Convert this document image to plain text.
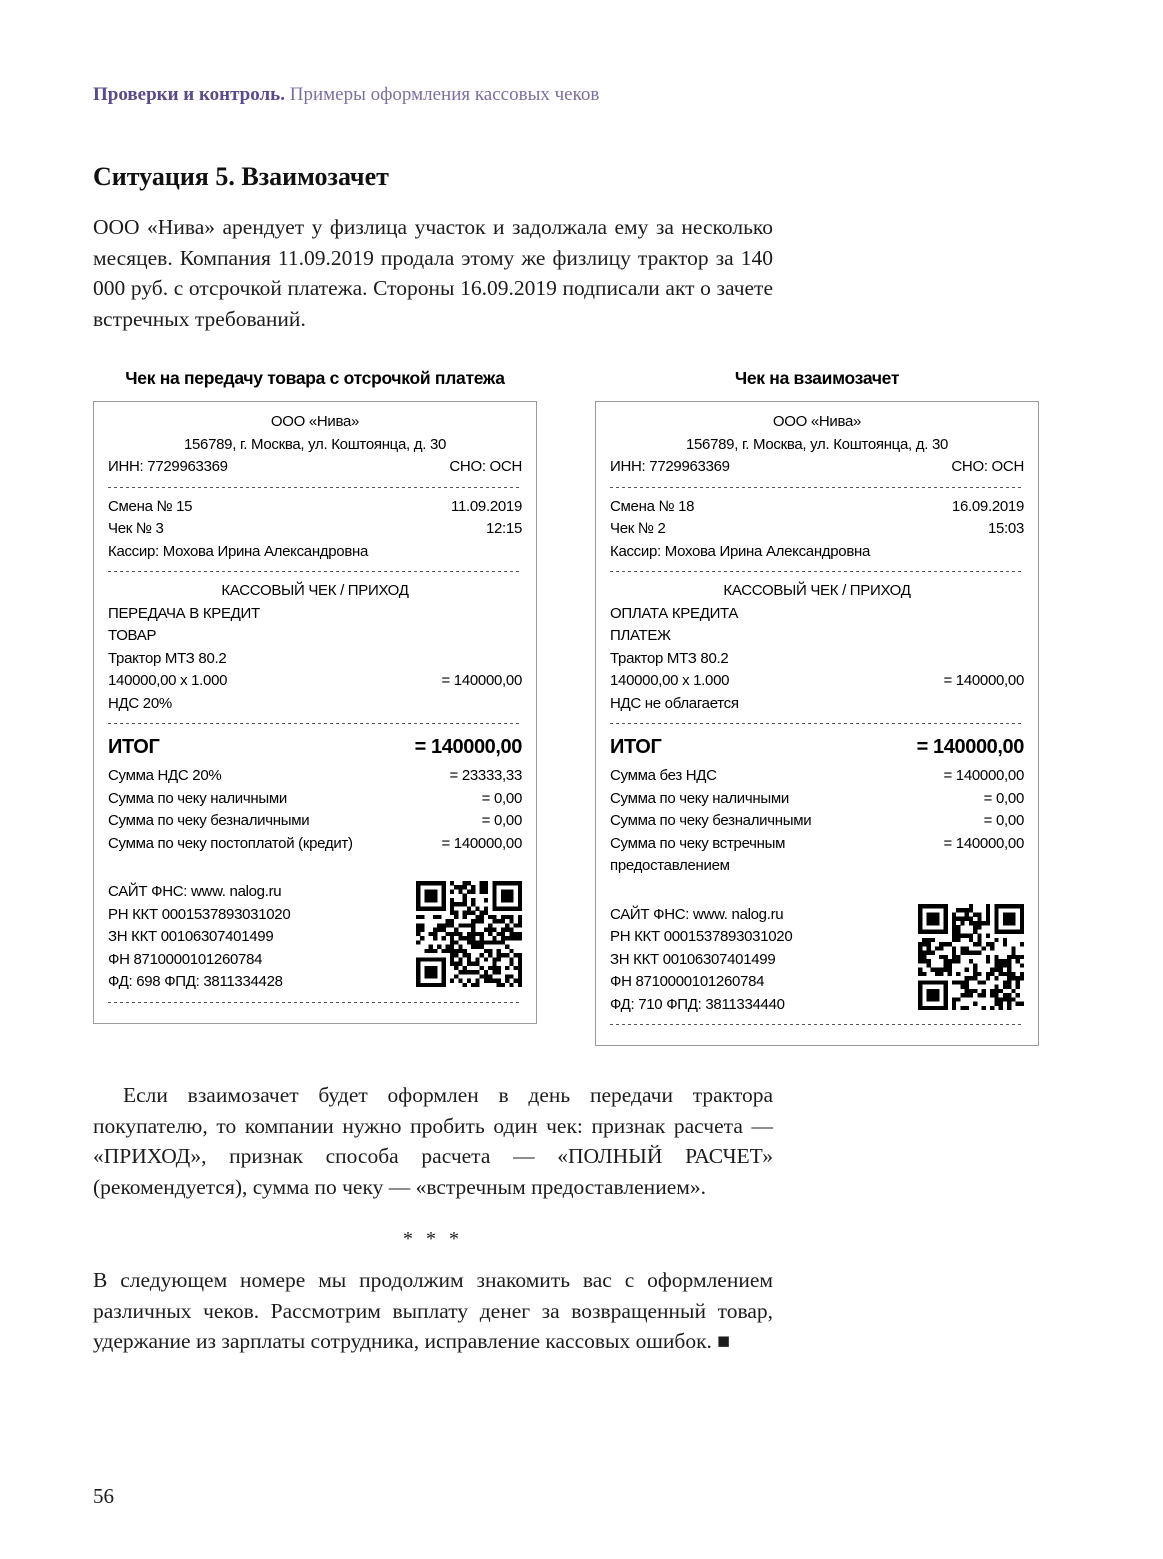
Проверки и контроль. Примеры оформления кассовых чеков

Ситуация 5. Взаимозачет

ООО «Нива» арендует у физлица участок и задолжала ему за несколько месяцев. Компания 11.09.2019 продала этому же физлицу трактор за 140 000 руб. с отсрочкой платежа. Стороны 16.09.2019 подписали акт о зачете встречных требований.

Чек на передачу товара с отсрочкой платежа
ООО «Нива»
156789, г. Москва, ул. Коштоянца, д. 30
ИНН: 7729963369	СНО: ОСН
Смена № 15	11.09.2019
Чек № 3	12:15
Кассир: Мохова Ирина Александровна
КАССОВЫЙ ЧЕК / ПРИХОД
ПЕРЕДАЧА В КРЕДИТ
ТОВАР
Трактор МТЗ 80.2
140000,00 x 1.000	= 140000,00
НДС 20%
ИТОГ	= 140000,00
Сумма НДС 20%	= 23333,33
Сумма по чеку наличными	= 0,00
Сумма по чеку безналичными	= 0,00
Сумма по чеку постоплатой (кредит)	= 140000,00
САЙТ ФНС: www. nalog.ru
РН ККТ 0001537893031020
ЗН ККТ 00106307401499
ФН 8710000101260784
ФД: 698 ФПД: 3811334428
Чек на взаимозачет
ООО «Нива»
156789, г. Москва, ул. Коштоянца, д. 30
ИНН: 7729963369	СНО: ОСН
Смена № 18	16.09.2019
Чек № 2	15:03
Кассир: Мохова Ирина Александровна
КАССОВЫЙ ЧЕК / ПРИХОД
ОПЛАТА КРЕДИТА
ПЛАТЕЖ
Трактор МТЗ 80.2
140000,00 x 1.000	= 140000,00
НДС не облагается
ИТОГ	= 140000,00
Сумма без НДС	= 140000,00
Сумма по чеку наличными	= 0,00
Сумма по чеку безналичными	= 0,00
Сумма по чеку встречным предоставлением
= 140000,00
САЙТ ФНС: www. nalog.ru
РН ККТ 0001537893031020
ЗН ККТ 00106307401499
ФН 8710000101260784
ФД: 710 ФПД: 3811334440

Если взаимозачет будет оформлен в день передачи трактора покупателю, то компании нужно пробить один чек: признак расчета — «ПРИХОД», признак способа расчета — «ПОЛНЫЙ РАСЧЕТ» (рекомендуется), сумма по чеку — «встречным предоставлением».

* * *

В следующем номере мы продолжим знакомить вас с оформлением различных чеков. Рассмотрим выплату денег за возвращенный товар, удержание из зарплаты сотрудника, исправление кассовых ошибок. ■

56
